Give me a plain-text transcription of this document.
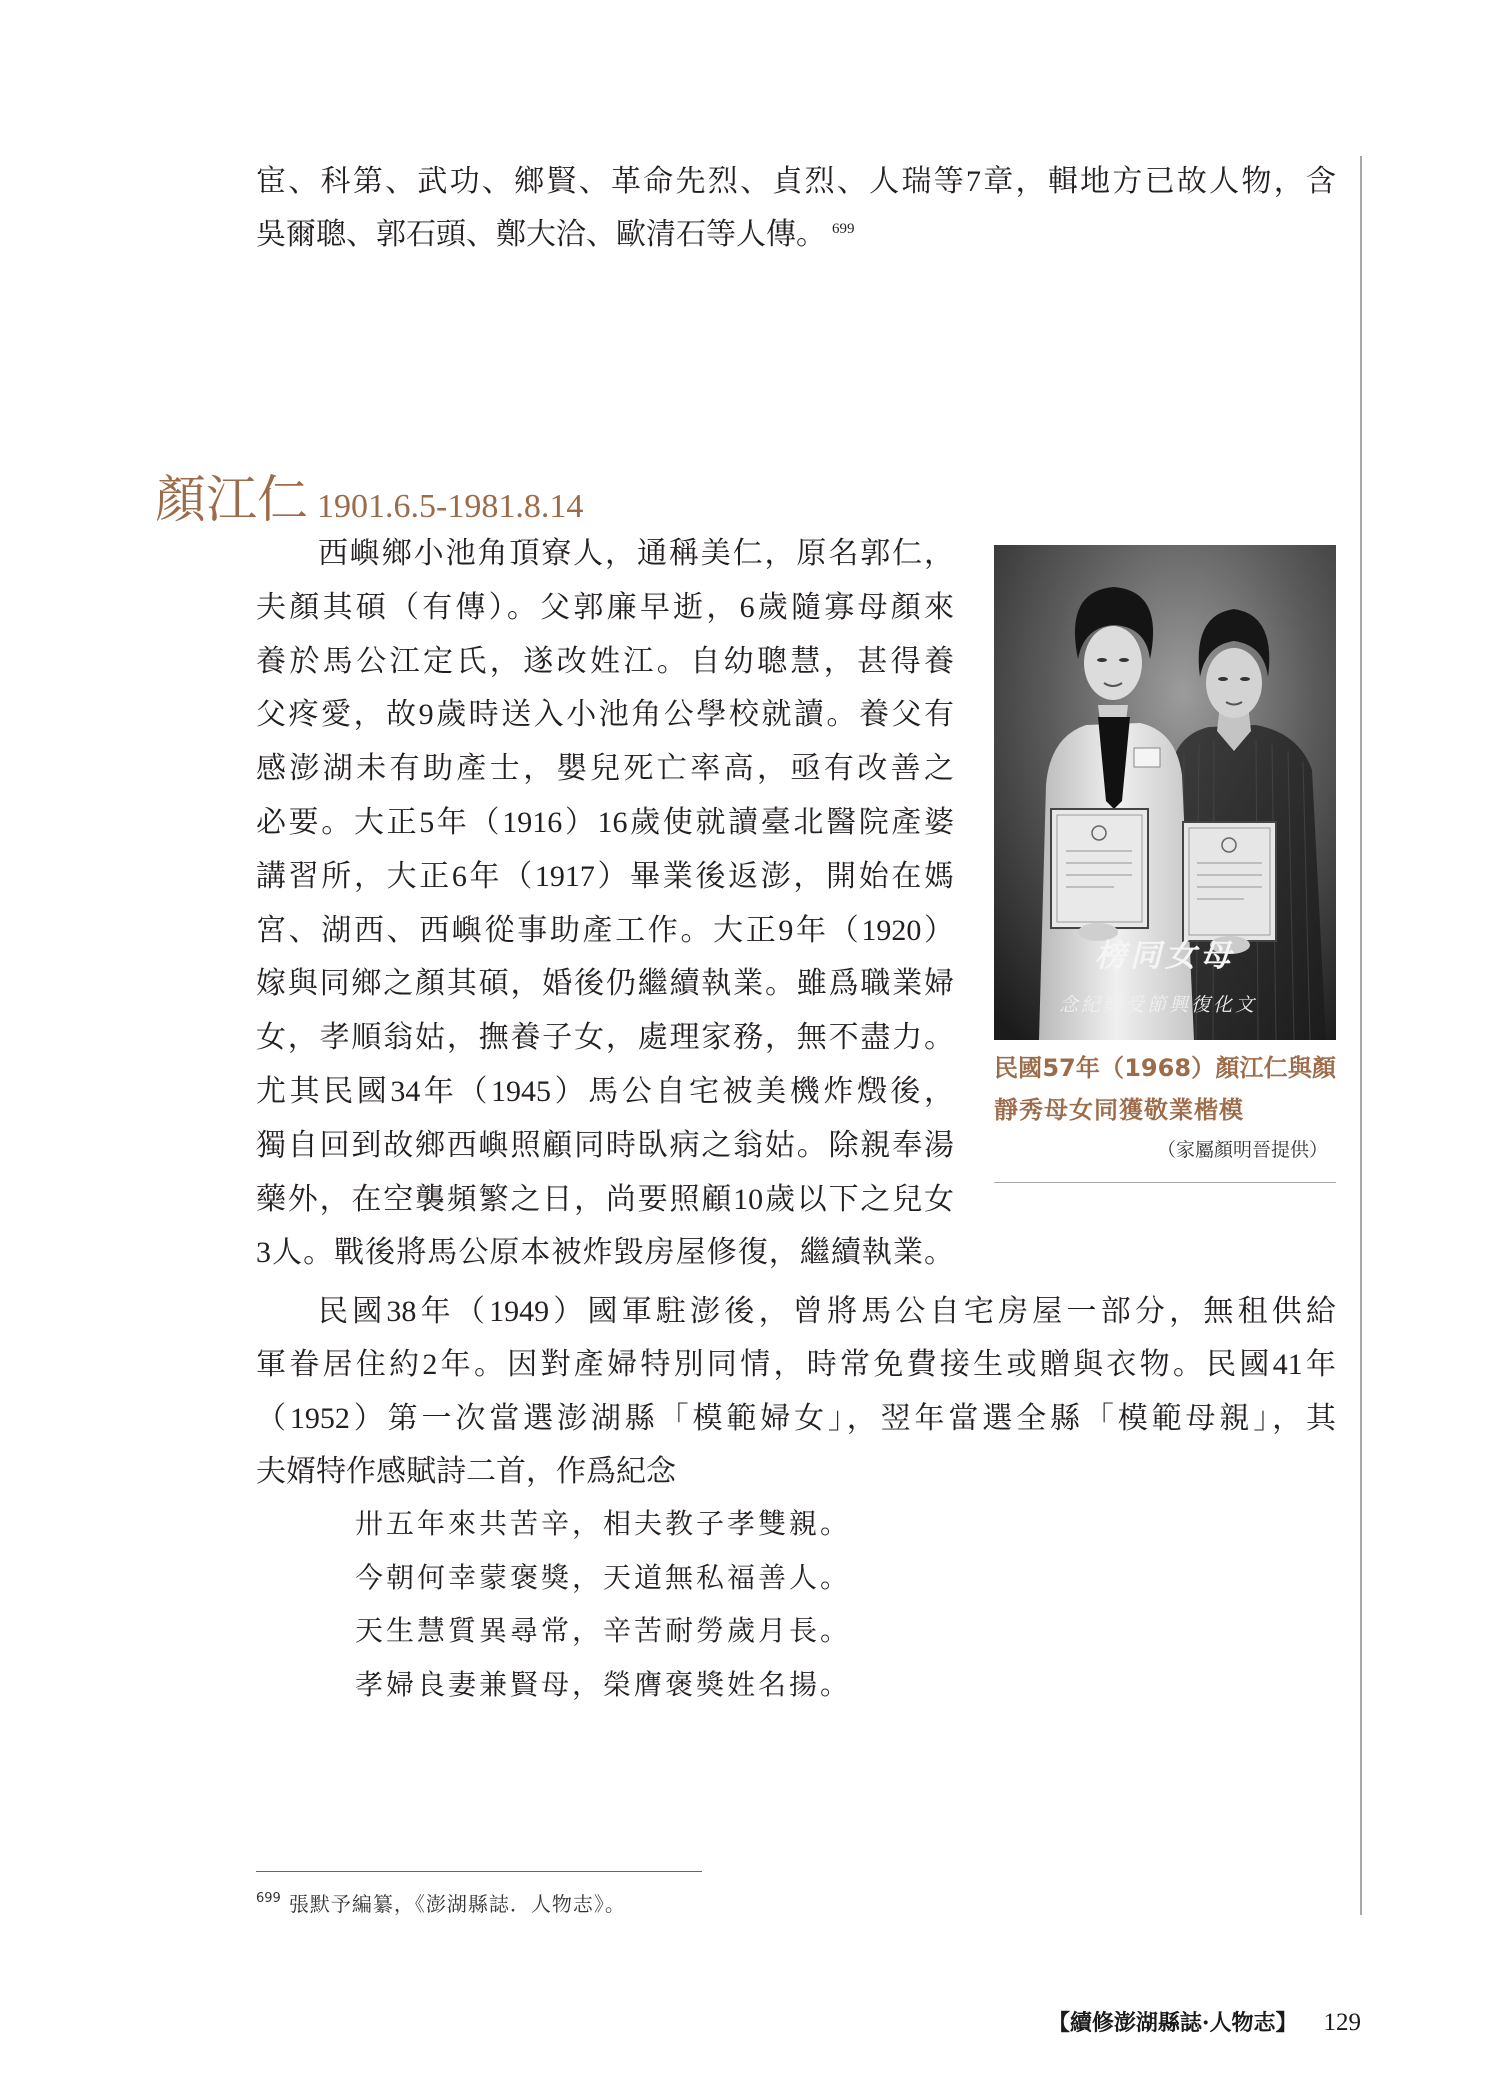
宦、科第、武功、鄉賢、革命先烈、貞烈、人瑞等7章，輯地方已故人物，含
吳爾聰、郭石頭、鄭大洽、歐清石等人傳。 $^{699}$
顏江仁 1901.6.5-1981.8.14
西嶼鄉小池角頂寮人，通稱美仁，原名郭仁，
夫顏其碩（有傳）。父郭廉早逝，6歲隨寡母顏來
養於馬公江定氏，遂改姓江。自幼聰慧，甚得養
父疼愛，故9歲時送入小池角公學校就讀。養父有
感澎湖未有助產士，嬰兒死亡率高，亟有改善之
必要。大正5年（1916）16歲使就讀臺北醫院產婆
講習所，大正6年（1917）畢業後返澎，開始在媽
宮、湖西、西嶼從事助產工作。大正9年（1920）
嫁與同鄉之顏其碩，婚後仍繼續執業。雖爲職業婦
女，孝順翁姑，撫養子女，處理家務，無不盡力。
尤其民國34年（1945）馬公自宅被美機炸燬後，
獨自回到故鄉西嶼照顧同時臥病之翁姑。除親奉湯
藥外，在空襲頻繁之日，尚要照顧10歲以下之兒女
3人。戰後將馬公原本被炸毀房屋修復，繼續執業。
民國38年（1949）國軍駐澎後，曾將馬公自宅房屋一部分，無租供給
軍眷居住約2年。因對產婦特別同情，時常免費接生或贈與衣物。民國41年
（1952）第一次當選澎湖縣「模範婦女」，翌年當選全縣「模範母親」，其
夫婿特作感賦詩二首，作爲紀念
卅五年來共苦辛，相夫教子孝雙親。
今朝何幸蒙褒獎，天道無私福善人。
天生慧質異尋常，辛苦耐勞歲月長。
孝婦良妻兼賢母，榮膺褒獎姓名揚。
榜同女母
念紀獎受節興復化文
民國57年（1968）顏江仁與顏
靜秀母女同獲敬業楷模
（家屬顏明晉提供）
$^{699}$ 張默予編纂，《澎湖縣誌．人物志》。
【續修澎湖縣誌·人物志】 129
